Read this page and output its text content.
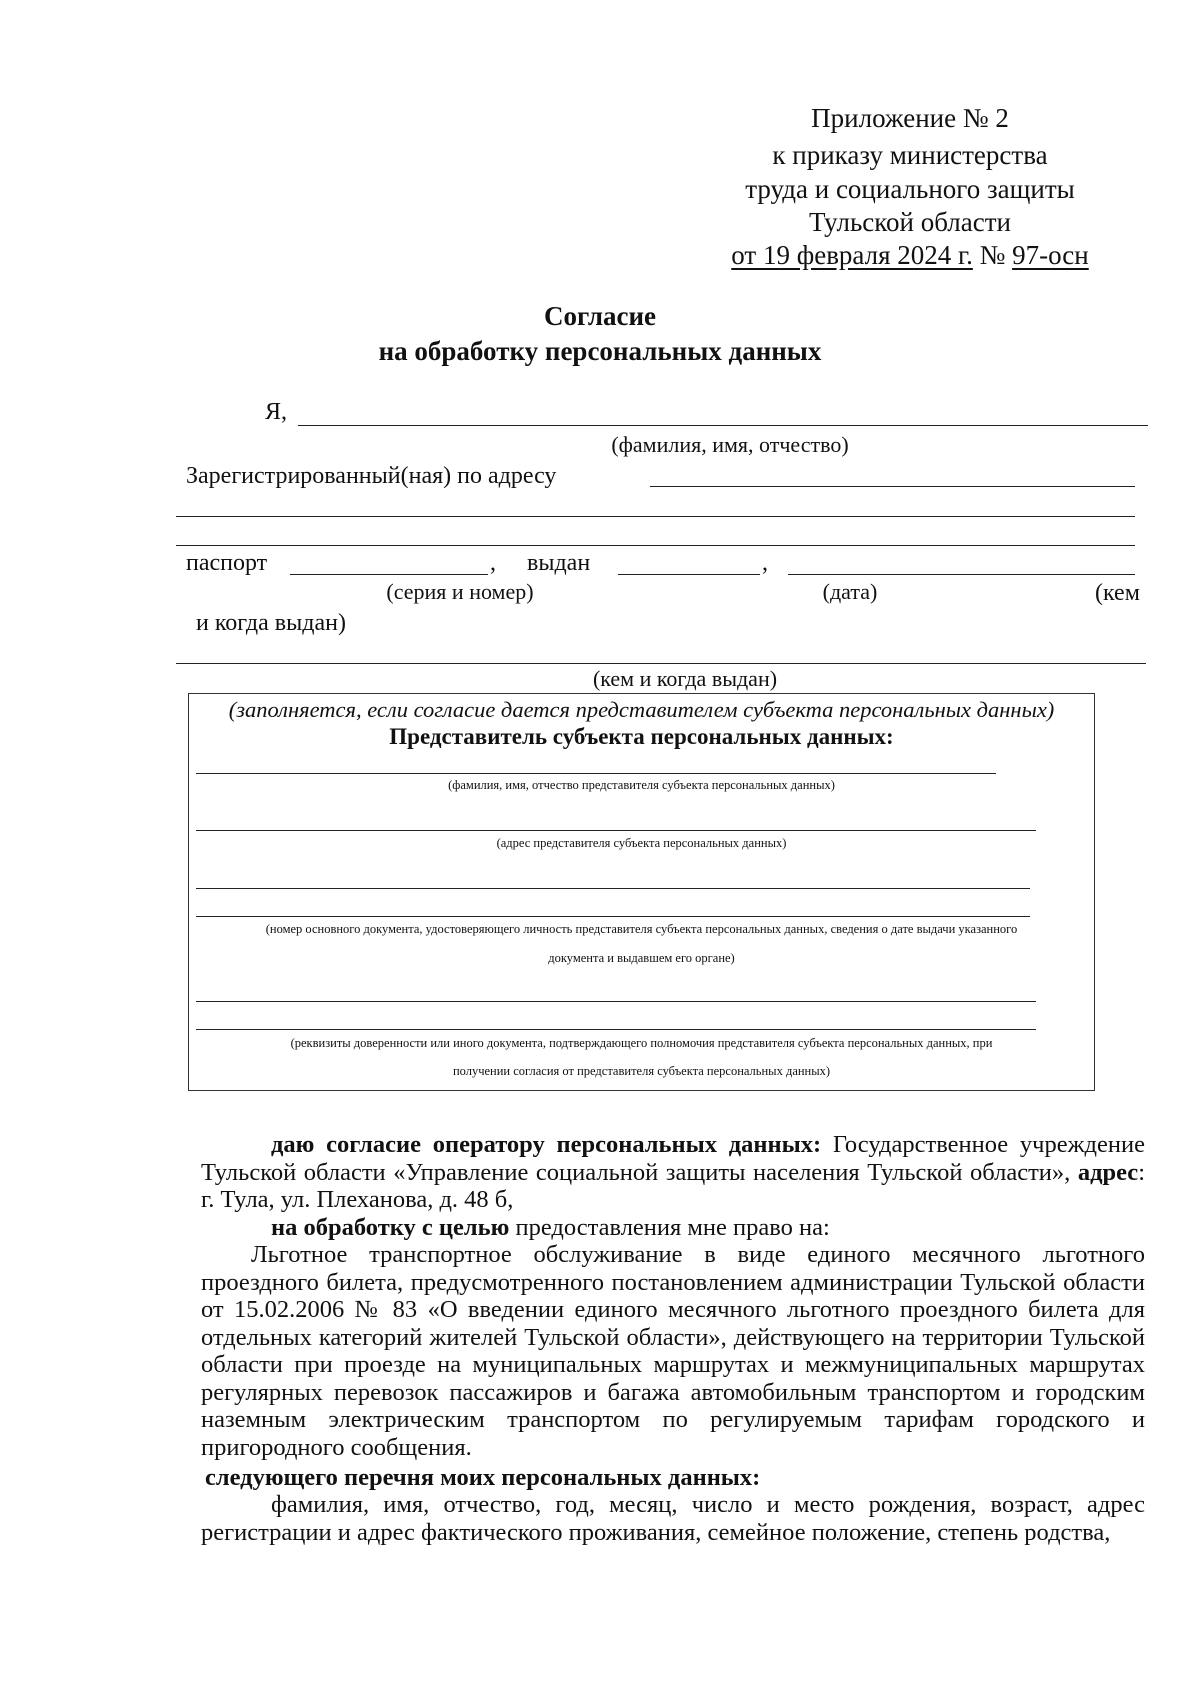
Приложение № 2
к приказу министерства
труда и социального защиты
Тульской области
от 19 февраля 2024 г. № 97-осн
Согласие
на обработку персональных данных
Я,
(фамилия, имя, отчество)
Зарегистрированный(ная) по адресу
паспорт	, выдан	,
(серия и номер)	(дата)	(кем
и когда выдан)
(кем и когда выдан)
(заполняется, если согласие дается представителем субъекта персональных данных)
Представитель субъекта персональных данных:
(фамилия, имя, отчество представителя субъекта персональных данных)
(адрес представителя субъекта персональных данных)
(номер основного документа, удостоверяющего личность представителя субъекта персональных данных, сведения о дате выдачи указанного
документа и выдавшем его органе)
(реквизиты доверенности или иного документа, подтверждающего полномочия представителя субъекта персональных данных, при
получении согласия от представителя субъекта персональных данных)
даю согласие оператору персональных данных: Государственное учреждение Тульской области «Управление социальной защиты населения Тульской области», адрес: г. Тула, ул. Плеханова, д. 48 б,
на обработку с целью предоставления мне право на:
Льготное транспортное обслуживание в виде единого месячного льготного проездного билета, предусмотренного постановлением администрации Тульской области от 15.02.2006 № 83 «О введении единого месячного льготного проездного билета для отдельных категорий жителей Тульской области», действующего на территории Тульской области при проезде на муниципальных маршрутах и межмуниципальных маршрутах регулярных перевозок пассажиров и багажа автомобильным транспортом и городским наземным электрическим транспортом по регулируемым тарифам городского и пригородного сообщения.
следующего перечня моих персональных данных:
фамилия, имя, отчество, год, месяц, число и место рождения, возраст, адрес регистрации и адрес фактического проживания, семейное положение, степень родства,
